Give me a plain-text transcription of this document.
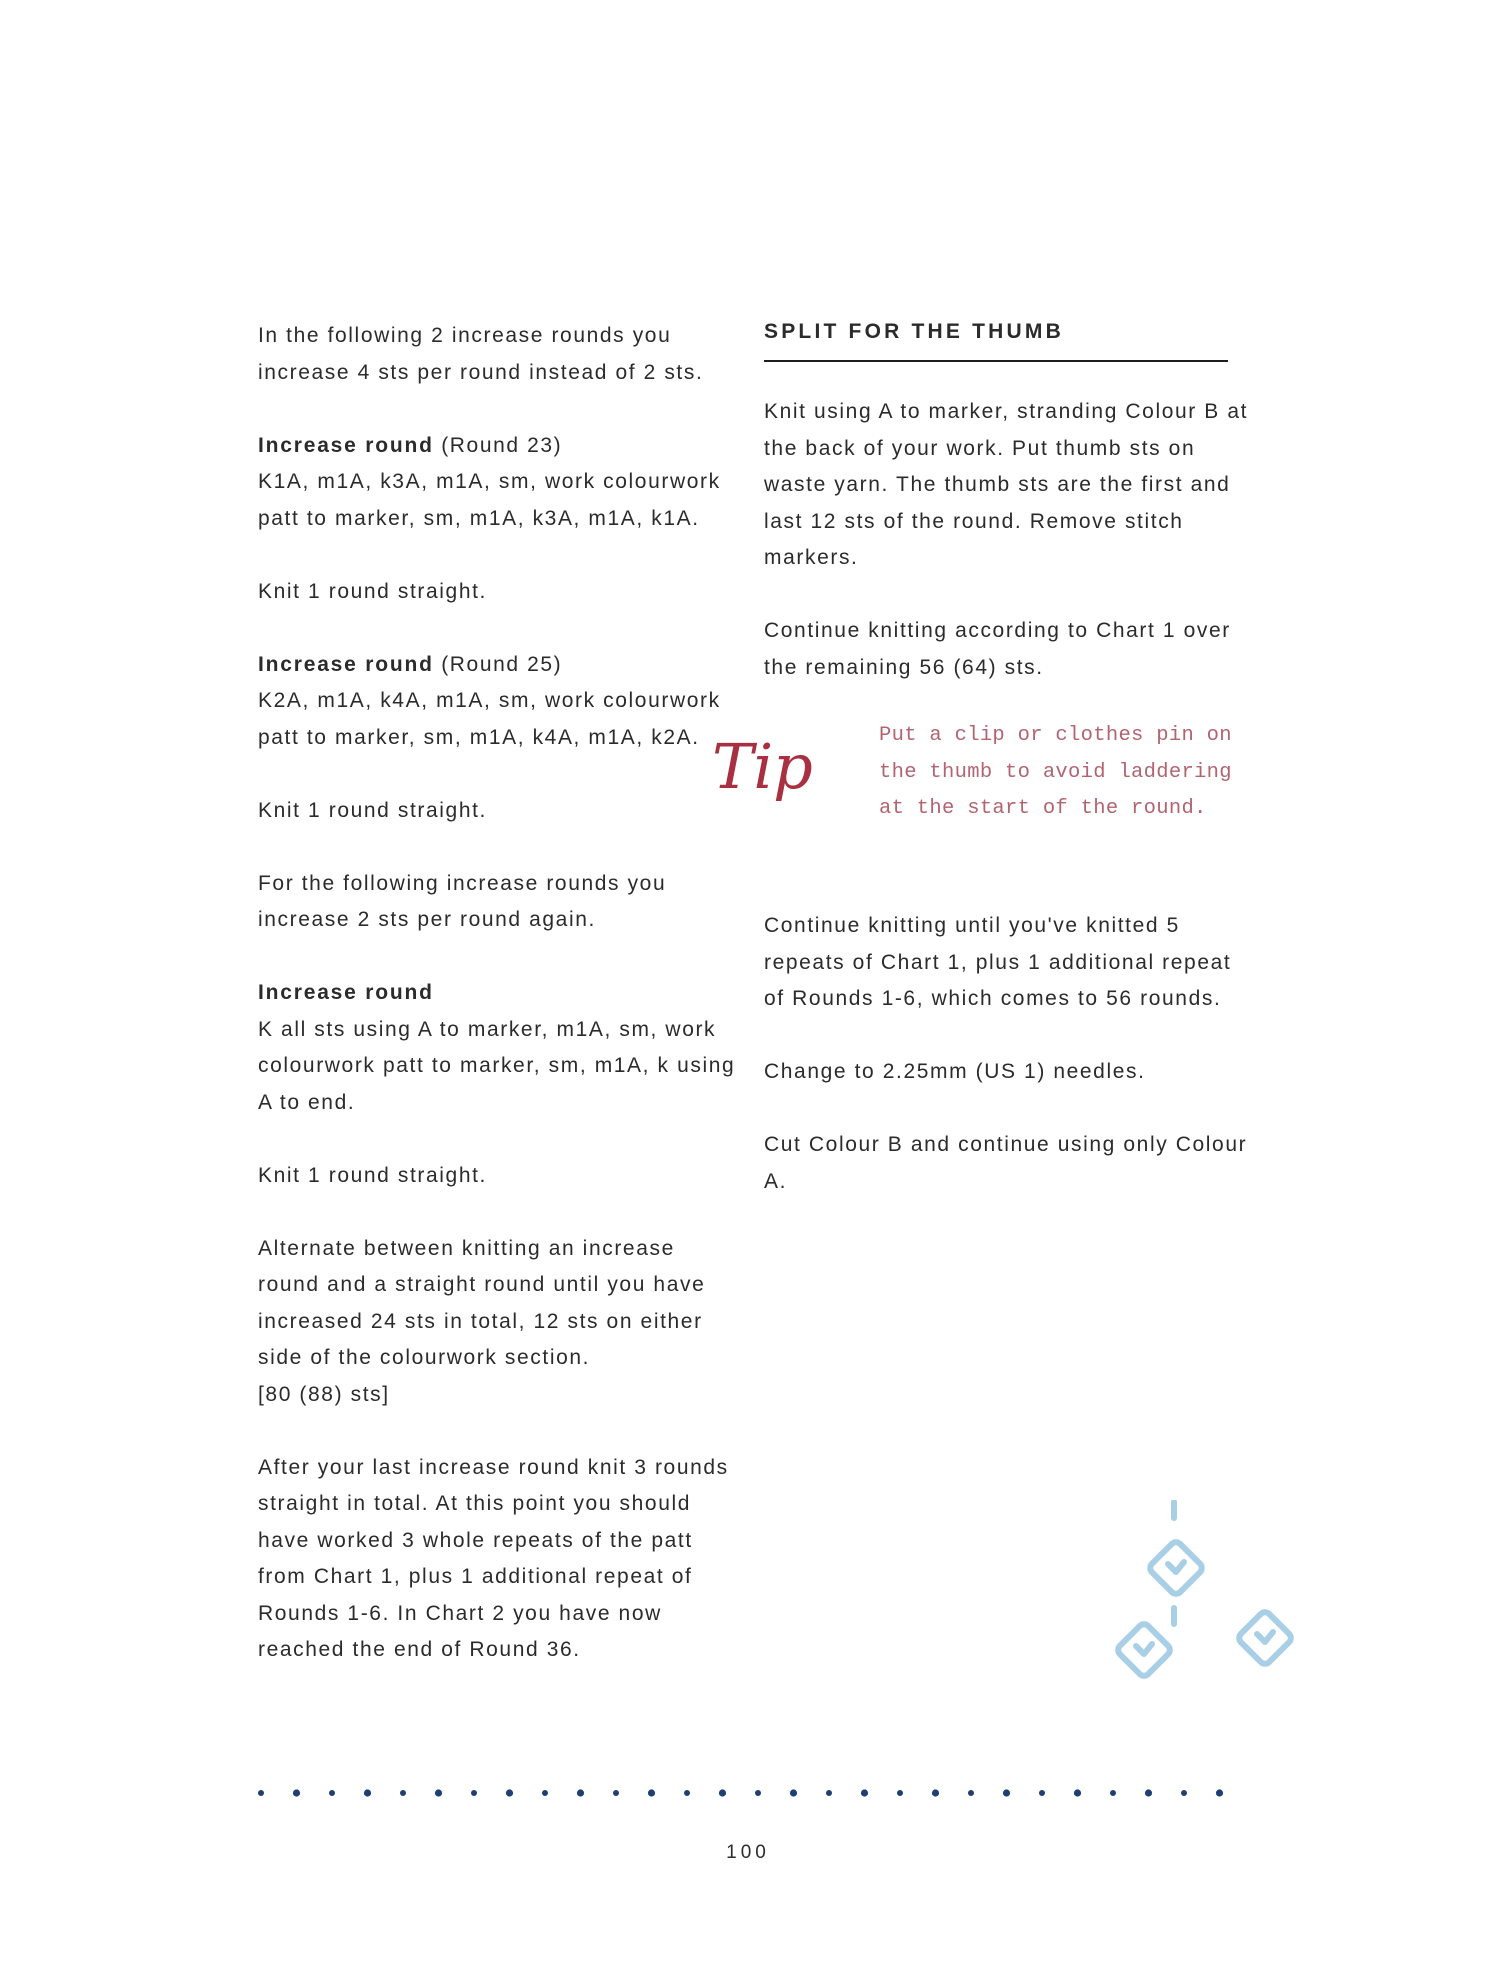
In the following 2 increase rounds you increase 4 sts per round instead of 2 sts.

Increase round (Round 23)
K1A, m1A, k3A, m1A, sm, work colourwork patt to marker, sm, m1A, k3A, m1A, k1A.

Knit 1 round straight.

Increase round (Round 25)
K2A, m1A, k4A, m1A, sm, work colourwork patt to marker, sm, m1A, k4A, m1A, k2A.

Knit 1 round straight.

For the following increase rounds you increase 2 sts per round again.

Increase round
K all sts using A to marker, m1A, sm, work colourwork patt to marker, sm, m1A, k using A to end.

Knit 1 round straight.

Alternate between knitting an increase round and a straight round until you have increased 24 sts in total, 12 sts on either side of the colourwork section.
[80 (88) sts]

After your last increase round knit 3 rounds straight in total. At this point you should have worked 3 whole repeats of the patt from Chart 1, plus 1 additional repeat of Rounds 1-6. In Chart 2 you have now reached the end of Round 36.

SPLIT FOR THE THUMB

Knit using A to marker, stranding Colour B at the back of your work. Put thumb sts on waste yarn. The thumb sts are the first and last 12 sts of the round. Remove stitch markers.

Continue knitting according to Chart 1 over the remaining 56 (64) sts.

Tip	Put a clip or clothes pin on the thumb to avoid laddering at the start of the round.

Continue knitting until you've knitted 5 repeats of Chart 1, plus 1 additional repeat of Rounds 1-6, which comes to 56 rounds.

Change to 2.25mm (US 1) needles.

Cut Colour B and continue using only Colour A.

100
